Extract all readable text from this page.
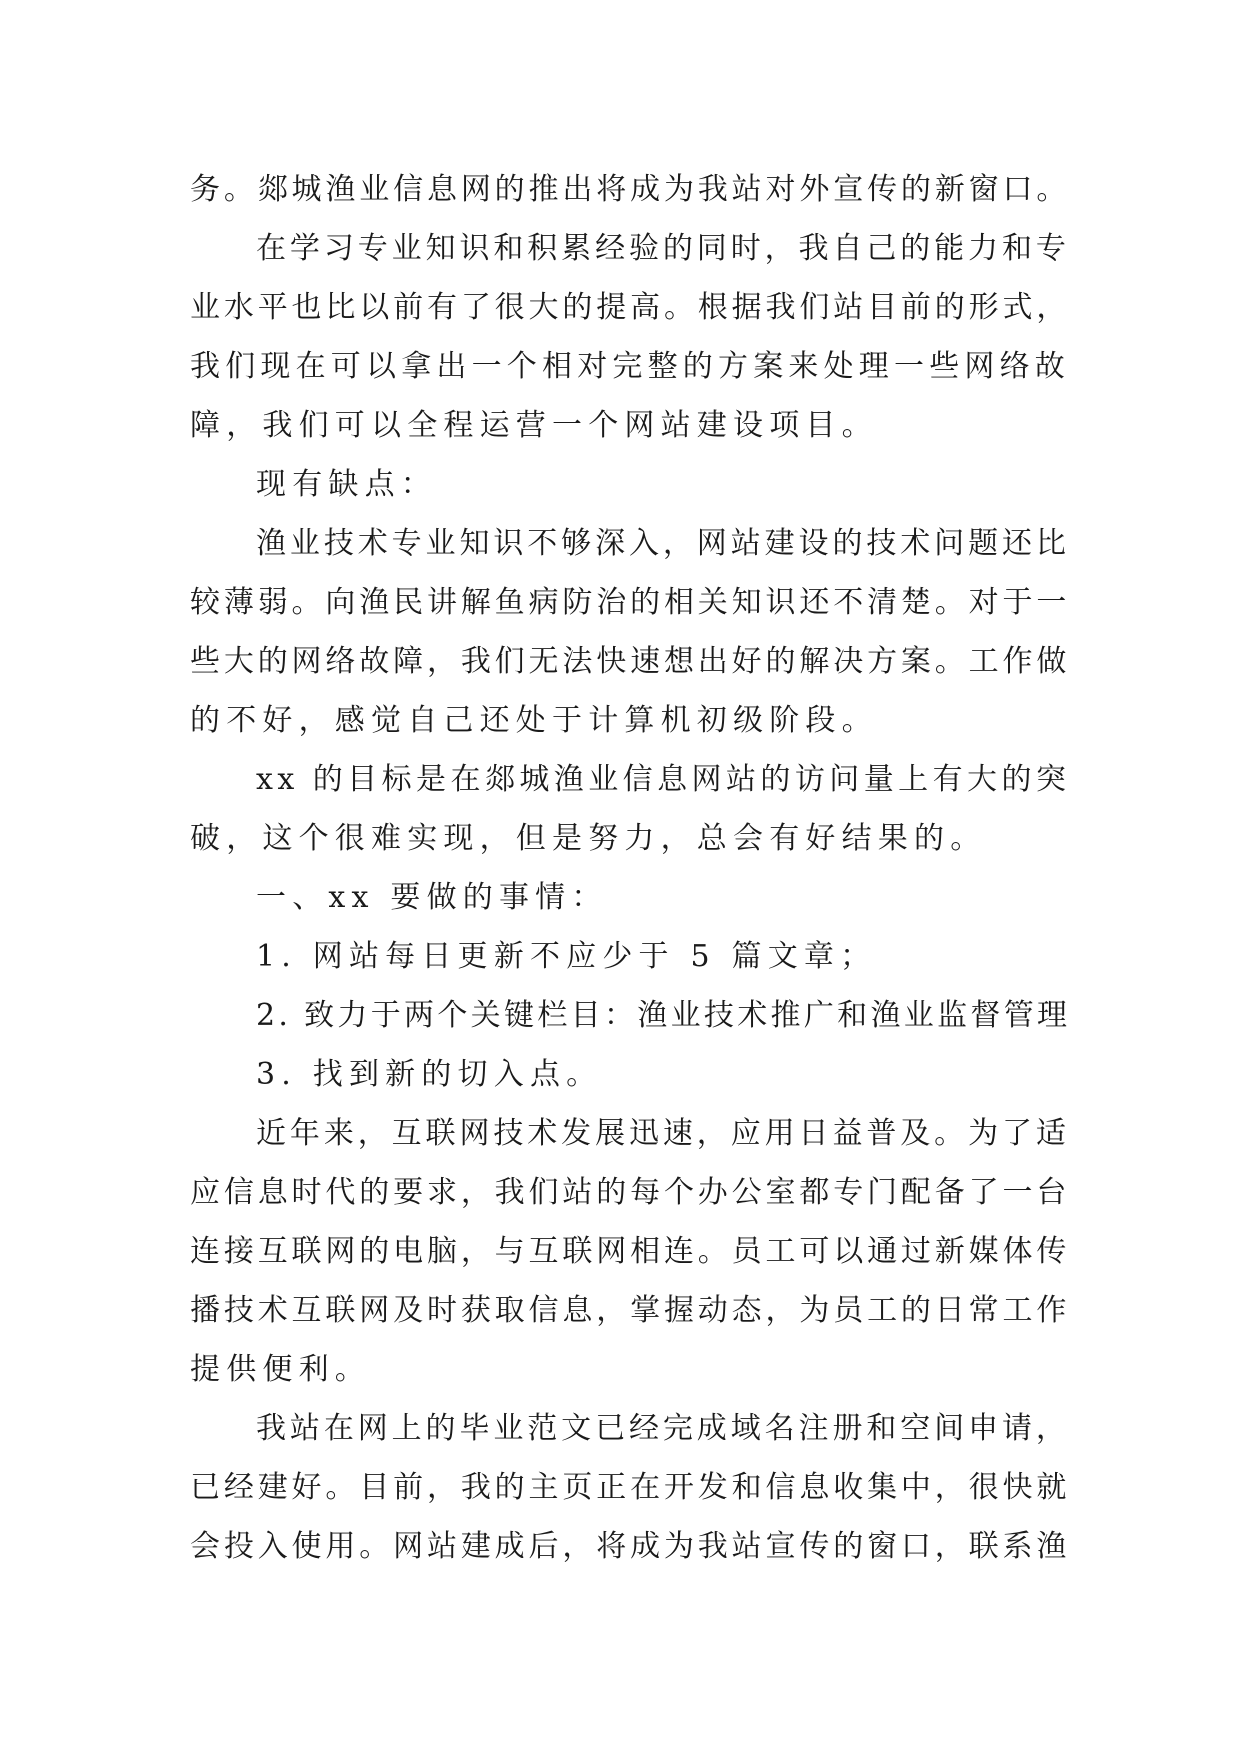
务。郯城渔业信息网的推出将成为我站对外宣传的新窗口。
在学习专业知识和积累经验的同时，我自己的能力和专
业水平也比以前有了很大的提高。根据我们站目前的形式，
我们现在可以拿出一个相对完整的方案来处理一些网络故
障，我们可以全程运营一个网站建设项目。
现有缺点：
渔业技术专业知识不够深入，网站建设的技术问题还比
较薄弱。向渔民讲解鱼病防治的相关知识还不清楚。对于一
些大的网络故障，我们无法快速想出好的解决方案。工作做
的不好，感觉自己还处于计算机初级阶段。
xx 的目标是在郯城渔业信息网站的访问量上有大的突
破，这个很难实现，但是努力，总会有好结果的。
一、xx 要做的事情：
1. 网站每日更新不应少于 5 篇文章；
2. 致力于两个关键栏目：渔业技术推广和渔业监督管理
3. 找到新的切入点。
近年来，互联网技术发展迅速，应用日益普及。为了适
应信息时代的要求，我们站的每个办公室都专门配备了一台
连接互联网的电脑，与互联网相连。员工可以通过新媒体传
播技术互联网及时获取信息，掌握动态，为员工的日常工作
提供便利。
我站在网上的毕业范文已经完成域名注册和空间申请，
已经建好。目前，我的主页正在开发和信息收集中，很快就
会投入使用。网站建成后，将成为我站宣传的窗口，联系渔
